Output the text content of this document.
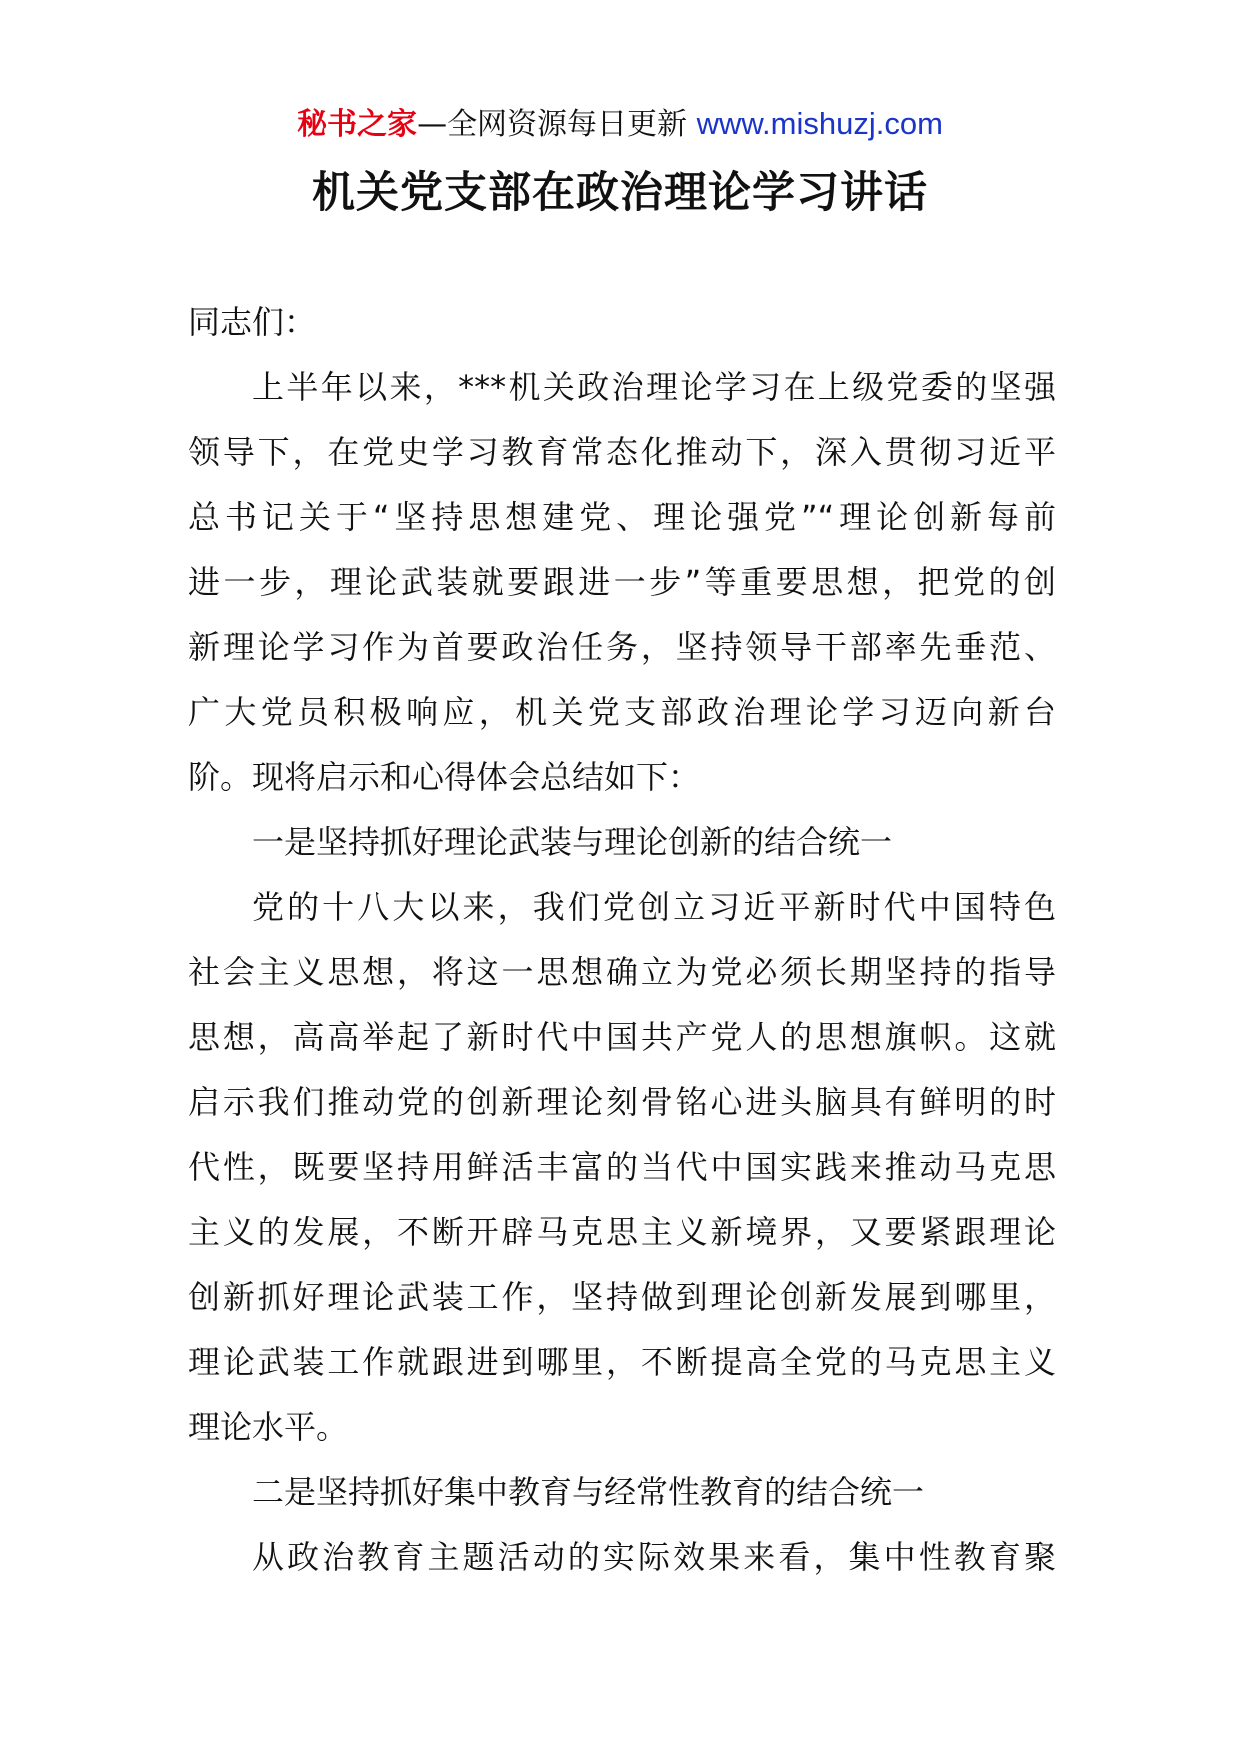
秘书之家—全网资源每日更新 www.mishuzj.com
机关党支部在政治理论学习讲话

同志们：

上半年以来，***机关政治理论学习在上级党委的坚强

领导下，在党史学习教育常态化推动下，深入贯彻习近平

总书记关于“坚持思想建党、理论强党”“理论创新每前

进一步，理论武装就要跟进一步”等重要思想，把党的创

新理论学习作为首要政治任务，坚持领导干部率先垂范、

广大党员积极响应，机关党支部政治理论学习迈向新台

阶。现将启示和心得体会总结如下：

一是坚持抓好理论武装与理论创新的结合统一

党的十八大以来，我们党创立习近平新时代中国特色

社会主义思想，将这一思想确立为党必须长期坚持的指导

思想，高高举起了新时代中国共产党人的思想旗帜。这就

启示我们推动党的创新理论刻骨铭心进头脑具有鲜明的时

代性，既要坚持用鲜活丰富的当代中国实践来推动马克思

主义的发展，不断开辟马克思主义新境界，又要紧跟理论

创新抓好理论武装工作，坚持做到理论创新发展到哪里，

理论武装工作就跟进到哪里，不断提高全党的马克思主义

理论水平。

二是坚持抓好集中教育与经常性教育的结合统一

从政治教育主题活动的实际效果来看，集中性教育聚
